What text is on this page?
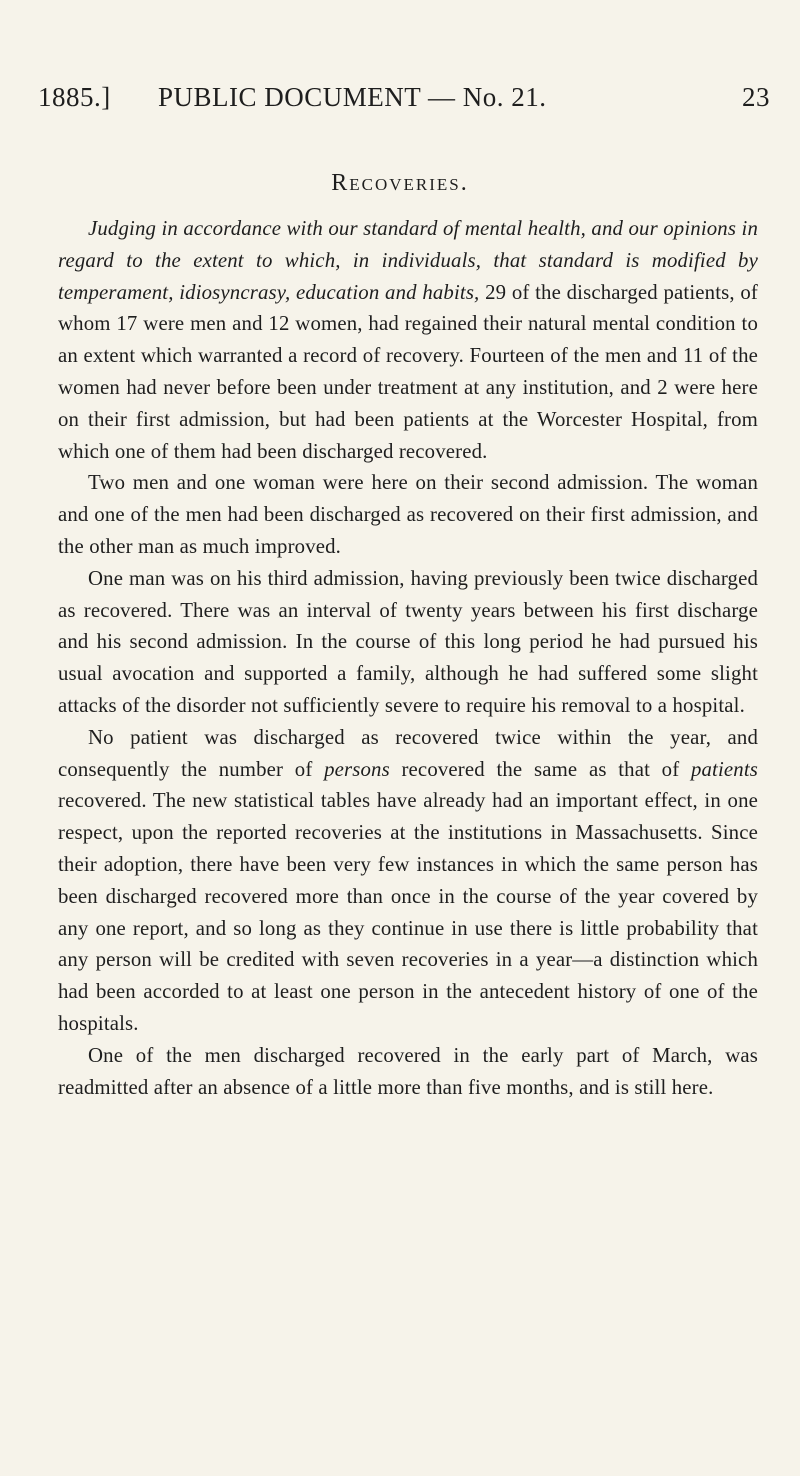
1885.] PUBLIC DOCUMENT — No. 21.	23
Recoveries.

Judging in accordance with our standard of mental health, and our opinions in regard to the extent to which, in individuals, that standard is modified by temperament, idiosyncrasy, education and habits, 29 of the discharged patients, of whom 17 were men and 12 women, had regained their natural mental condition to an extent which warranted a record of recovery. Fourteen of the men and 11 of the women had never before been under treatment at any institution, and 2 were here on their first admission, but had been patients at the Worcester Hospital, from which one of them had been discharged recovered.

Two men and one woman were here on their second admission. The woman and one of the men had been discharged as recovered on their first admission, and the other man as much improved.

One man was on his third admission, having previously been twice discharged as recovered. There was an interval of twenty years between his first discharge and his second admission. In the course of this long period he had pursued his usual avocation and supported a family, although he had suffered some slight attacks of the disorder not sufficiently severe to require his removal to a hospital.

No patient was discharged as recovered twice within the year, and consequently the number of persons recovered the same as that of patients recovered. The new statistical tables have already had an important effect, in one respect, upon the reported recoveries at the institutions in Massachusetts. Since their adoption, there have been very few instances in which the same person has been discharged recovered more than once in the course of the year covered by any one report, and so long as they continue in use there is little probability that any person will be credited with seven recoveries in a year—a distinction which had been accorded to at least one person in the antecedent history of one of the hospitals.

One of the men discharged recovered in the early part of March, was readmitted after an absence of a little more than five months, and is still here.
